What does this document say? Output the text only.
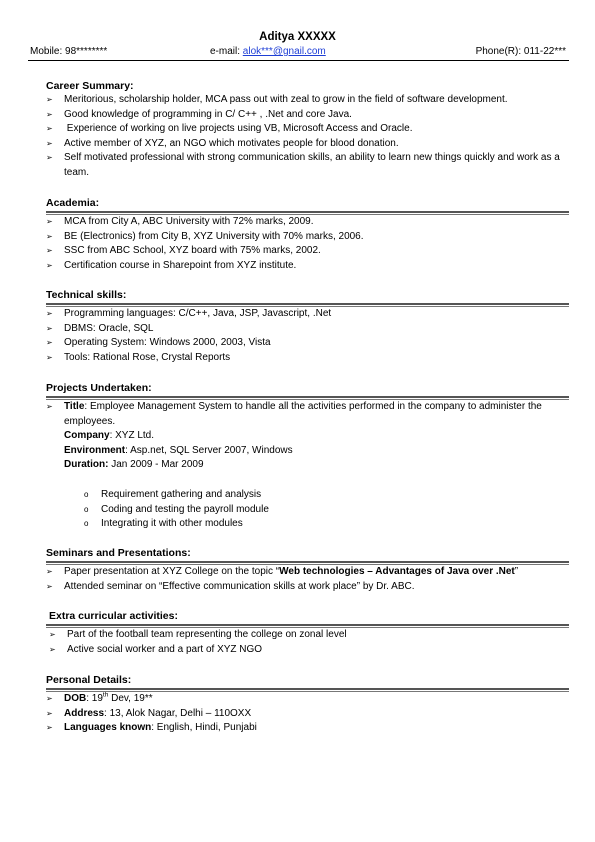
Aditya XXXXX
Mobile: 98********	e-mail: alok***@gnail.com	Phone(R): 011-22***
Career Summary:
➢ Meritorious, scholarship holder, MCA pass out with zeal to grow in the field of software development.
➢ Good knowledge of programming in C/ C++ , .Net and core Java.
➢ Experience of working on live projects using VB, Microsoft Access and Oracle.
➢ Active member of XYZ, an NGO which motivates people for blood donation.
➢ Self motivated professional with strong communication skills, an ability to learn new things quickly and work as a team.
Academia:
➢ MCA from City A, ABC University with 72% marks, 2009.
➢ BE (Electronics) from City B, XYZ University with 70% marks, 2006.
➢ SSC from ABC School, XYZ board with 75% marks, 2002.
➢ Certification course in Sharepoint from XYZ institute.
Technical skills:
➢ Programming languages: C/C++, Java, JSP, Javascript, .Net
➢ DBMS: Oracle, SQL
➢ Operating System: Windows 2000, 2003, Vista
➢ Tools: Rational Rose, Crystal Reports
Projects Undertaken:
➢ Title: Employee Management System to handle all the activities performed in the company to administer the employees.
Company: XYZ Ltd.
Environment: Asp.net, SQL Server 2007, Windows
Duration: Jan 2009 - Mar 2009
o Requirement gathering and analysis
o Coding and testing the payroll module
o Integrating it with other modules
Seminars and Presentations:
➢ Paper presentation at XYZ College on the topic “Web technologies – Advantages of Java over .Net”
➢ Attended seminar on “Effective communication skills at work place” by Dr. ABC.
Extra curricular activities:
➢ Part of the football team representing the college on zonal level
➢ Active social worker and a part of XYZ NGO
Personal Details:
➢ DOB: 19th Dev, 19**
➢ Address: 13, Alok Nagar, Delhi – 110OXX
➢ Languages known: English, Hindi, Punjabi
